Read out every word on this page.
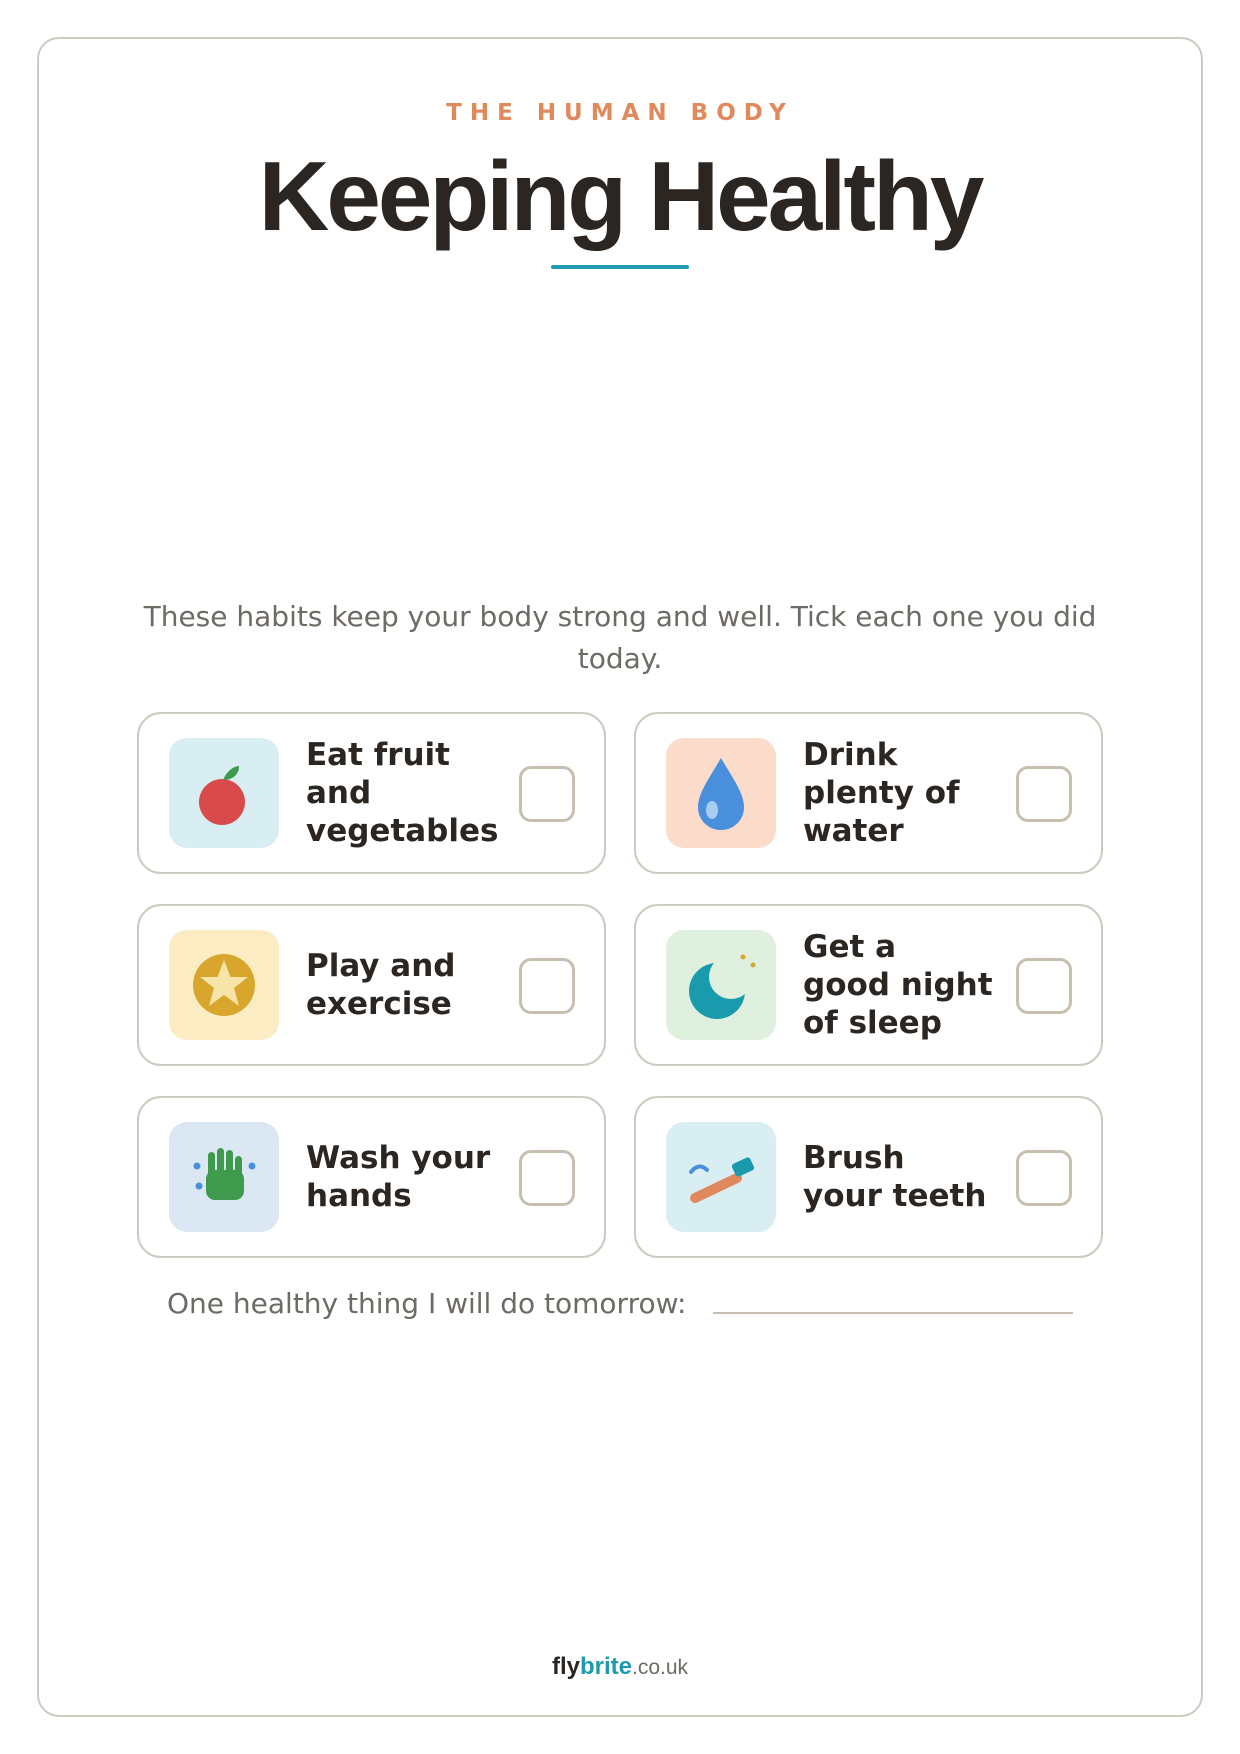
THE HUMAN BODY
Keeping Healthy

These habits keep your body strong and well. Tick each one you did today.

Eat fruit and vegetables
Drink plenty of water
Play and exercise
Get a good night of sleep
Wash your hands
Brush your teeth
One healthy thing I will do tomorrow:
flybrite.co.uk
